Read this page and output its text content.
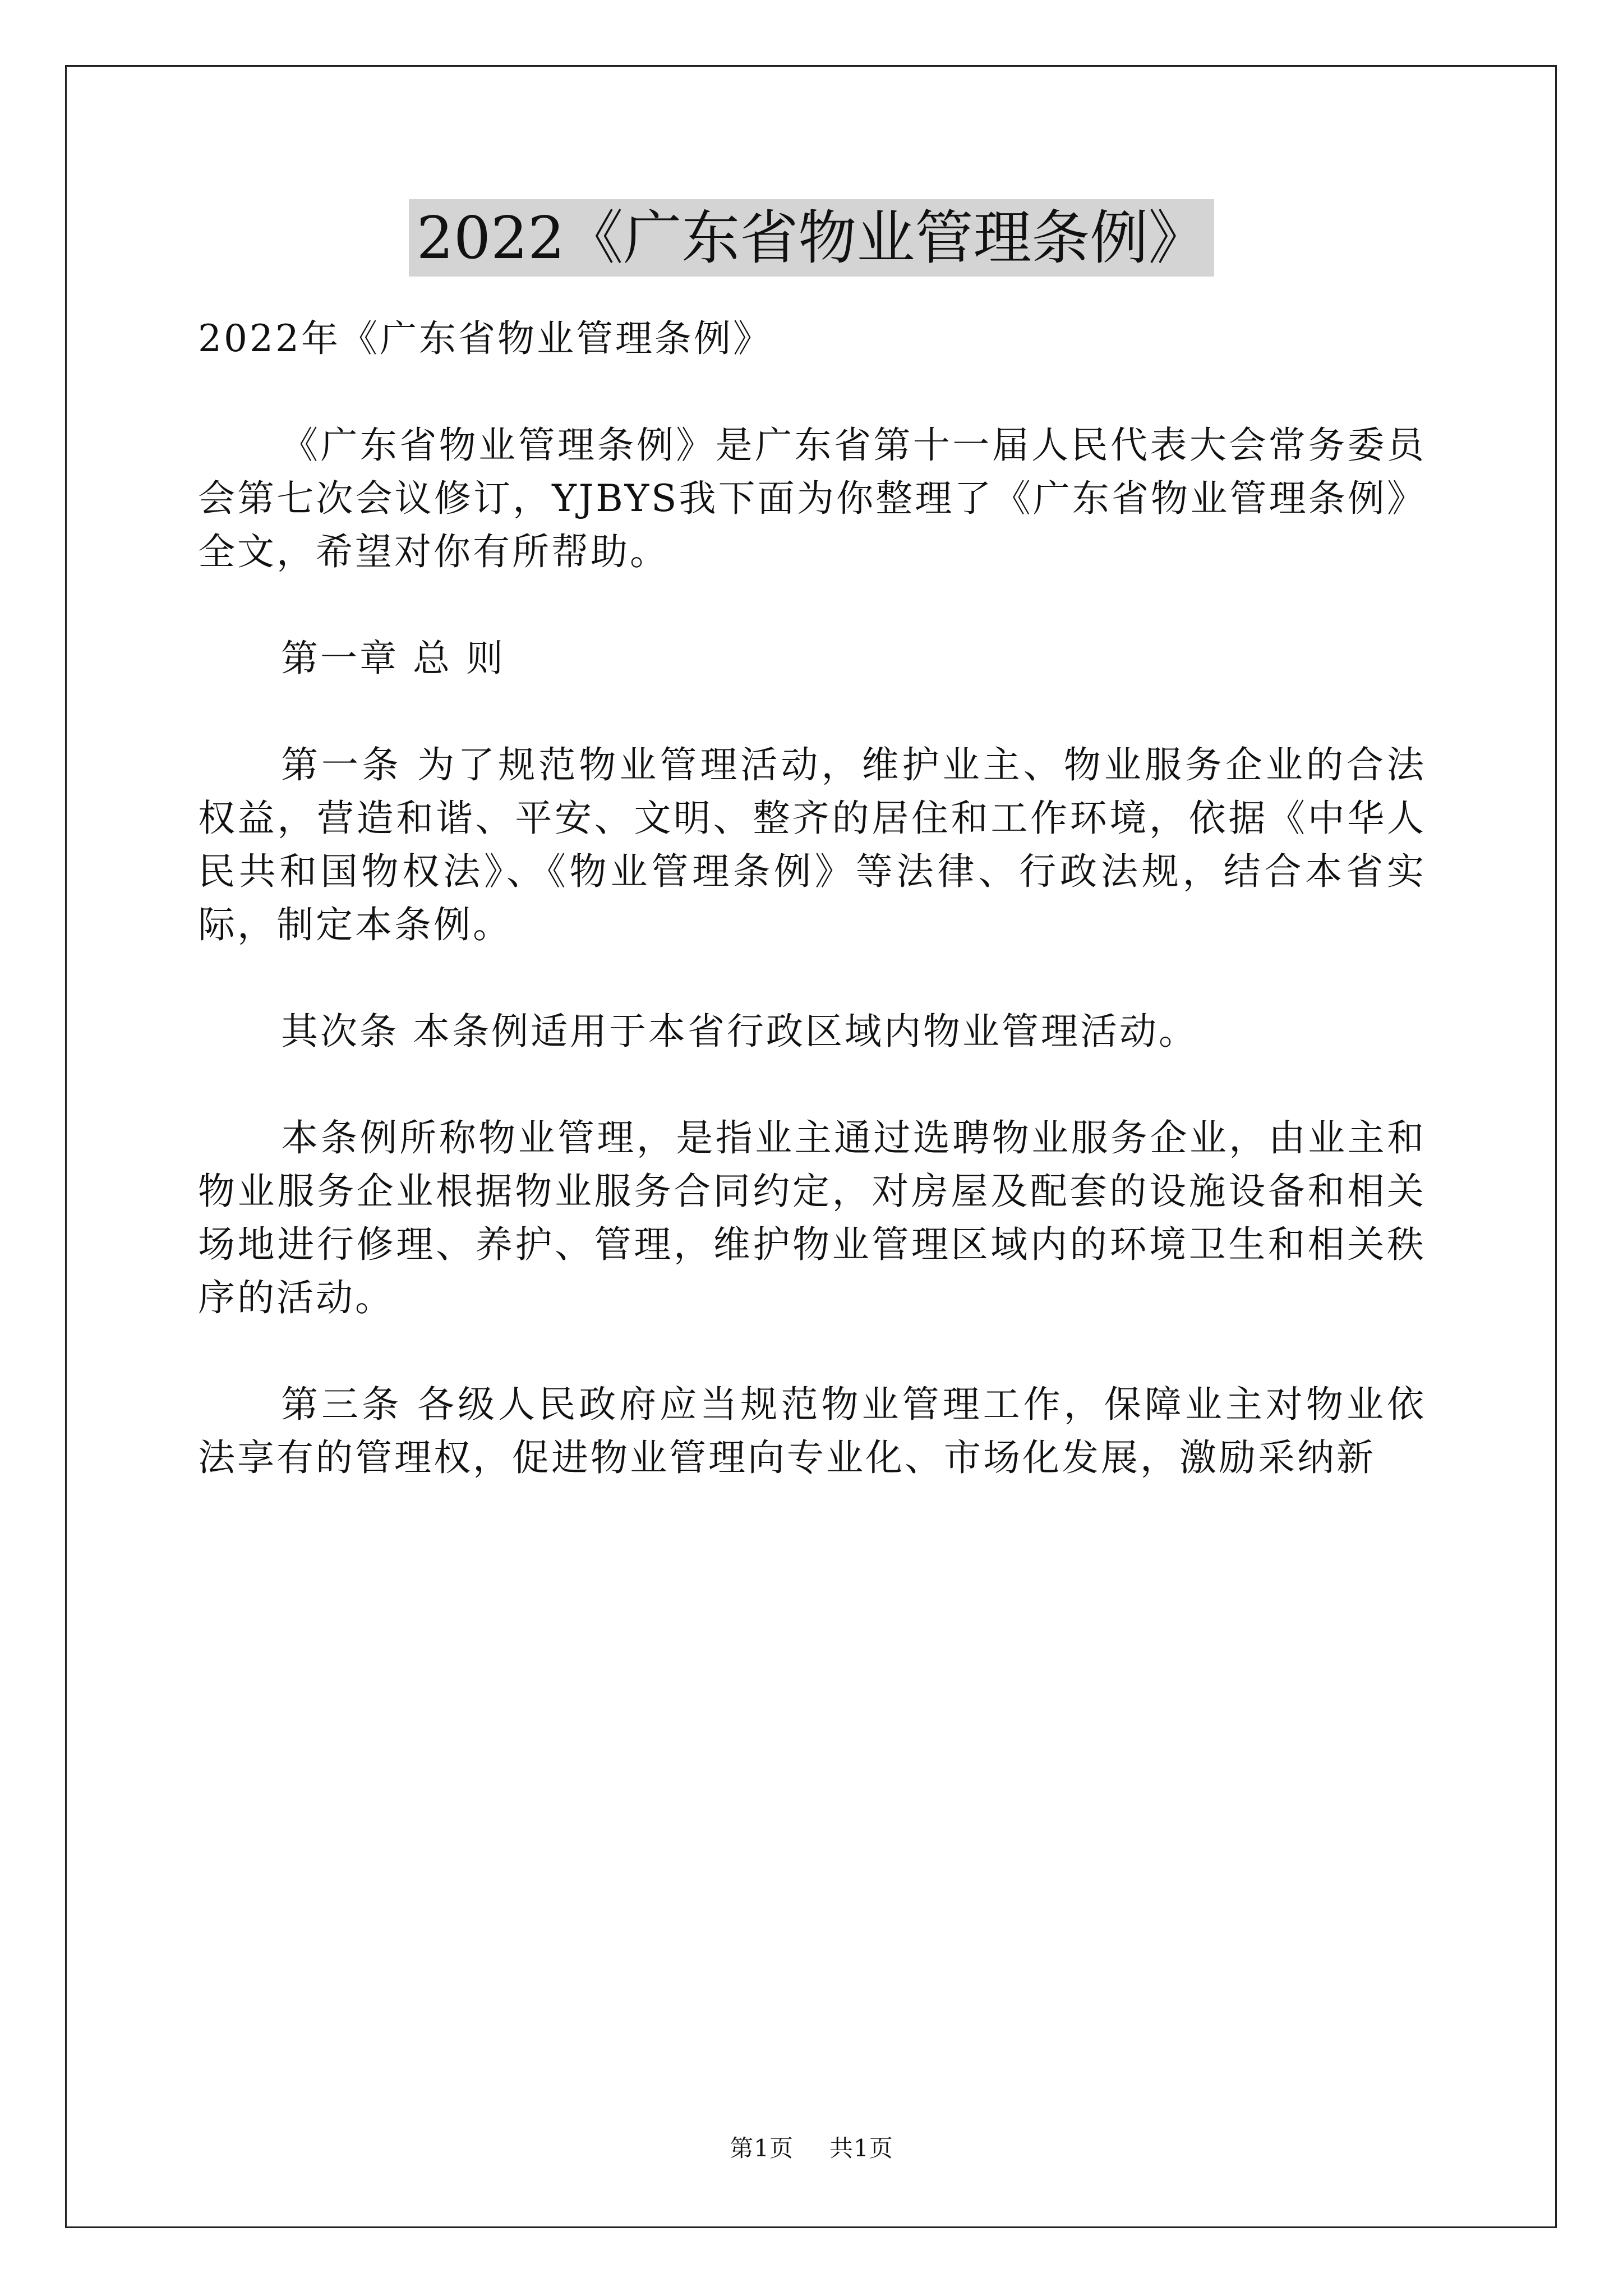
2022《广东省物业管理条例》

2022年《广东省物业管理条例》

《广东省物业管理条例》是广东省第十一届人民代表大会常务委员会第七次会议修订，YJBYS我下面为你整理了《广东省物业管理条例》全文，希望对你有所帮助。

第一章 总 则

第一条 为了规范物业管理活动，维护业主、物业服务企业的合法权益，营造和谐、平安、文明、整齐的居住和工作环境，依据《中华人民共和国物权法》、《物业管理条例》等法律、行政法规，结合本省实际，制定本条例。

其次条 本条例适用于本省行政区域内物业管理活动。

本条例所称物业管理，是指业主通过选聘物业服务企业，由业主和物业服务企业根据物业服务合同约定，对房屋及配套的设施设备和相关场地进行修理、养护、管理，维护物业管理区域内的环境卫生和相关秩序的活动。

第三条 各级人民政府应当规范物业管理工作，保障业主对物业依法享有的管理权，促进物业管理向专业化、市场化发展，激励采纳新

第1页 共1页
